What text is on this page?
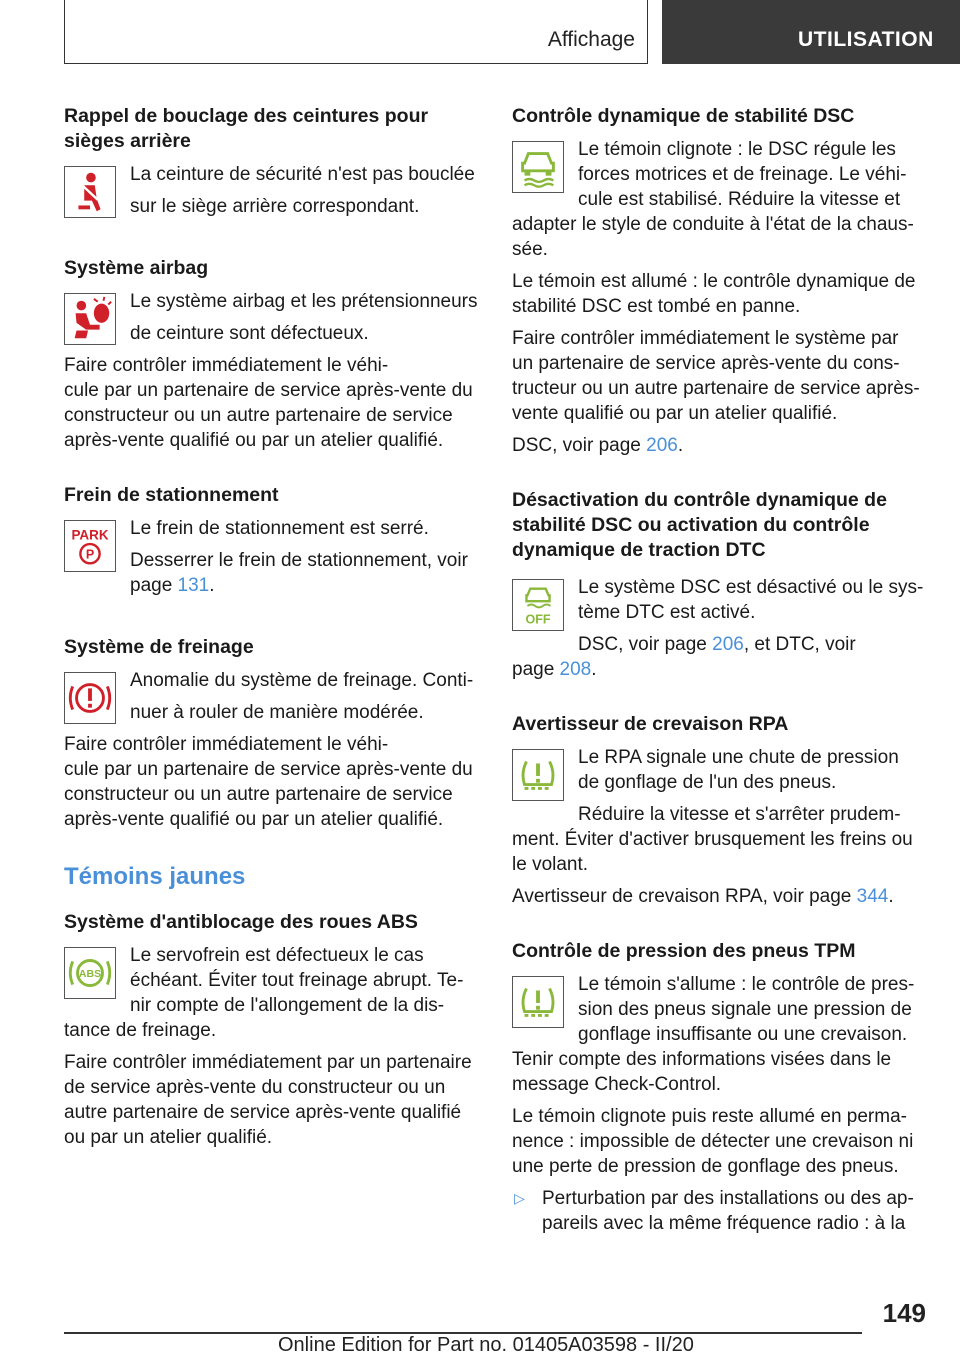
Affichage	UTILISATION

Rappel de bouclage des ceintures pour sièges arrière

La ceinture de sécurité n'est pas bouclée

sur le siège arrière correspondant.

Système airbag

Le système airbag et les prétensionneurs

de ceinture sont défectueux.

Faire contrôler immédiatement le véhi-

cule par un partenaire de service après-vente du

constructeur ou un autre partenaire de service

après-vente qualifié ou par un atelier qualifié.

Frein de stationnement

PARK
P

Le frein de stationnement est serré.

Desserrer le frein de stationnement, voir

page 131.

Système de freinage

Anomalie du système de freinage. Conti-

nuer à rouler de manière modérée.

Faire contrôler immédiatement le véhi-

cule par un partenaire de service après-vente du

constructeur ou un autre partenaire de service

après-vente qualifié ou par un atelier qualifié.

Témoins jaunes

Système d'antiblocage des roues ABS

ABS

Le servofrein est défectueux le cas

échéant. Éviter tout freinage abrupt. Te-

nir compte de l'allongement de la dis-

tance de freinage.

Faire contrôler immédiatement par un partenaire

de service après-vente du constructeur ou un

autre partenaire de service après-vente qualifié

ou par un atelier qualifié.

Contrôle dynamique de stabilité DSC

Le témoin clignote : le DSC régule les

forces motrices et de freinage. Le véhi-

cule est stabilisé. Réduire la vitesse et

adapter le style de conduite à l'état de la chaus-

sée.

Le témoin est allumé : le contrôle dynamique de

stabilité DSC est tombé en panne.

Faire contrôler immédiatement le système par

un partenaire de service après-vente du cons-

tructeur ou un autre partenaire de service après-

vente qualifié ou par un atelier qualifié.

DSC, voir page 206.

Désactivation du contrôle dynamique de

stabilité DSC ou activation du contrôle

dynamique de traction DTC

OFF

Le système DSC est désactivé ou le sys-

tème DTC est activé.

DSC, voir page 206, et DTC, voir

page 208.

Avertisseur de crevaison RPA

Le RPA signale une chute de pression

de gonflage de l'un des pneus.

Réduire la vitesse et s'arrêter prudem-

ment. Éviter d'activer brusquement les freins ou

le volant.

Avertisseur de crevaison RPA, voir page 344.

Contrôle de pression des pneus TPM

Le témoin s'allume : le contrôle de pres-

sion des pneus signale une pression de

gonflage insuffisante ou une crevaison.

Tenir compte des informations visées dans le

message Check-Control.

Le témoin clignote puis reste allumé en perma-

nence : impossible de détecter une crevaison ni

une perte de pression de gonflage des pneus.

▷ Perturbation par des installations ou des ap-
pareils avec la même fréquence radio : à la
149
Online Edition for Part no. 01405A03598 - II/20
